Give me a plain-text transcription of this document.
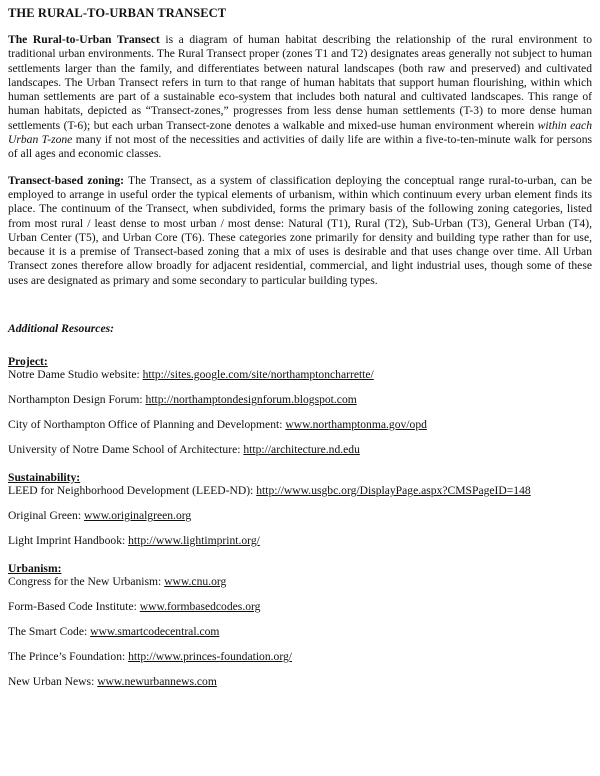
THE RURAL-TO-URBAN TRANSECT

The Rural-to-Urban Transect is a diagram of human habitat describing the relationship of the rural environment to traditional urban environments. The Rural Transect proper (zones T1 and T2) designates areas generally not subject to human settlements larger than the family, and differentiates between natural landscapes (both raw and preserved) and cultivated landscapes. The Urban Transect refers in turn to that range of human habitats that support human flourishing, within which human settlements are part of a sustainable eco-system that includes both natural and cultivated landscapes. This range of human habitats, depicted as “Transect-zones,” progresses from less dense human settlements (T-3) to more dense human settlements (T-6); but each urban Transect-zone denotes a walkable and mixed-use human environment wherein within each Urban T-zone many if not most of the necessities and activities of daily life are within a five-to-ten-minute walk for persons of all ages and economic classes.

Transect-based zoning: The Transect, as a system of classification deploying the conceptual range rural-to-urban, can be employed to arrange in useful order the typical elements of urbanism, within which continuum every urban element finds its place. The continuum of the Transect, when subdivided, forms the primary basis of the following zoning categories, listed from most rural / least dense to most urban / most dense: Natural (T1), Rural (T2), Sub-Urban (T3), General Urban (T4), Urban Center (T5), and Urban Core (T6). These categories zone primarily for density and building type rather than for use, because it is a premise of Transect-based zoning that a mix of uses is desirable and that uses change over time. All Urban Transect zones therefore allow broadly for adjacent residential, commercial, and light industrial uses, though some of these uses are designated as primary and some secondary to particular building types.

Additional Resources:
Project:
Notre Dame Studio website: http://sites.google.com/site/northamptoncharrette/
Northampton Design Forum: http://northamptondesignforum.blogspot.com
City of Northampton Office of Planning and Development: www.northamptonma.gov/opd
University of Notre Dame School of Architecture: http://architecture.nd.edu
Sustainability:
LEED for Neighborhood Development (LEED-ND): http://www.usgbc.org/DisplayPage.aspx?CMSPageID=148
Original Green: www.originalgreen.org
Light Imprint Handbook: http://www.lightimprint.org/
Urbanism:
Congress for the New Urbanism: www.cnu.org
Form-Based Code Institute: www.formbasedcodes.org
The Smart Code: www.smartcodecentral.com
The Prince’s Foundation: http://www.princes-foundation.org/
New Urban News: www.newurbannews.com
